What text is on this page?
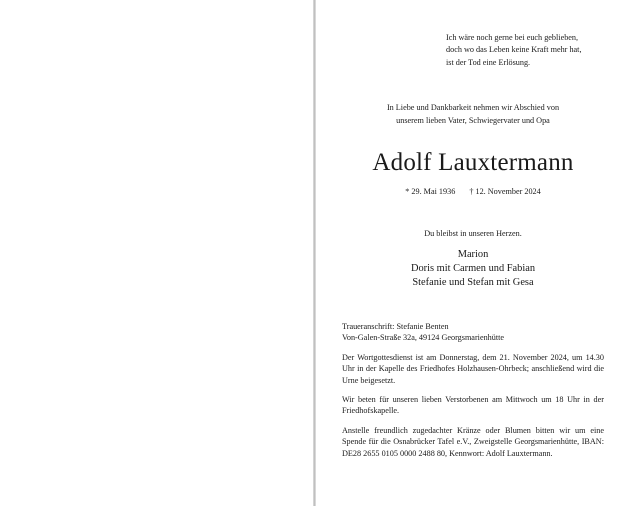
Ich wäre noch gerne bei euch geblieben,
doch wo das Leben keine Kraft mehr hat,
ist der Tod eine Erlösung.
In Liebe und Dankbarkeit nehmen wir Abschied von
unserem lieben Vater, Schwiegervater und Opa
Adolf Lauxtermann
* 29. Mai 1936 † 12. November 2024
Du bleibst in unseren Herzen.
Marion
Doris mit Carmen und Fabian
Stefanie und Stefan mit Gesa

Traueranschrift: Stefanie Benten
Von-Galen-Straße 32a, 49124 Georgsmarienhütte

Der Wortgottesdienst ist am Donnerstag, dem 21. November 2024, um 14.30 Uhr in der Kapelle des Friedhofes Holzhausen-Ohrbeck; anschließend wird die Urne beigesetzt.

Wir beten für unseren lieben Verstorbenen am Mittwoch um 18 Uhr in der Friedhofskapelle.

Anstelle freundlich zugedachter Kränze oder Blumen bitten wir um eine Spende für die Osnabrücker Tafel e.V., Zweigstelle Georgsmarienhütte, IBAN: DE28 2655 0105 0000 2488 80, Kennwort: Adolf Lauxtermann.
